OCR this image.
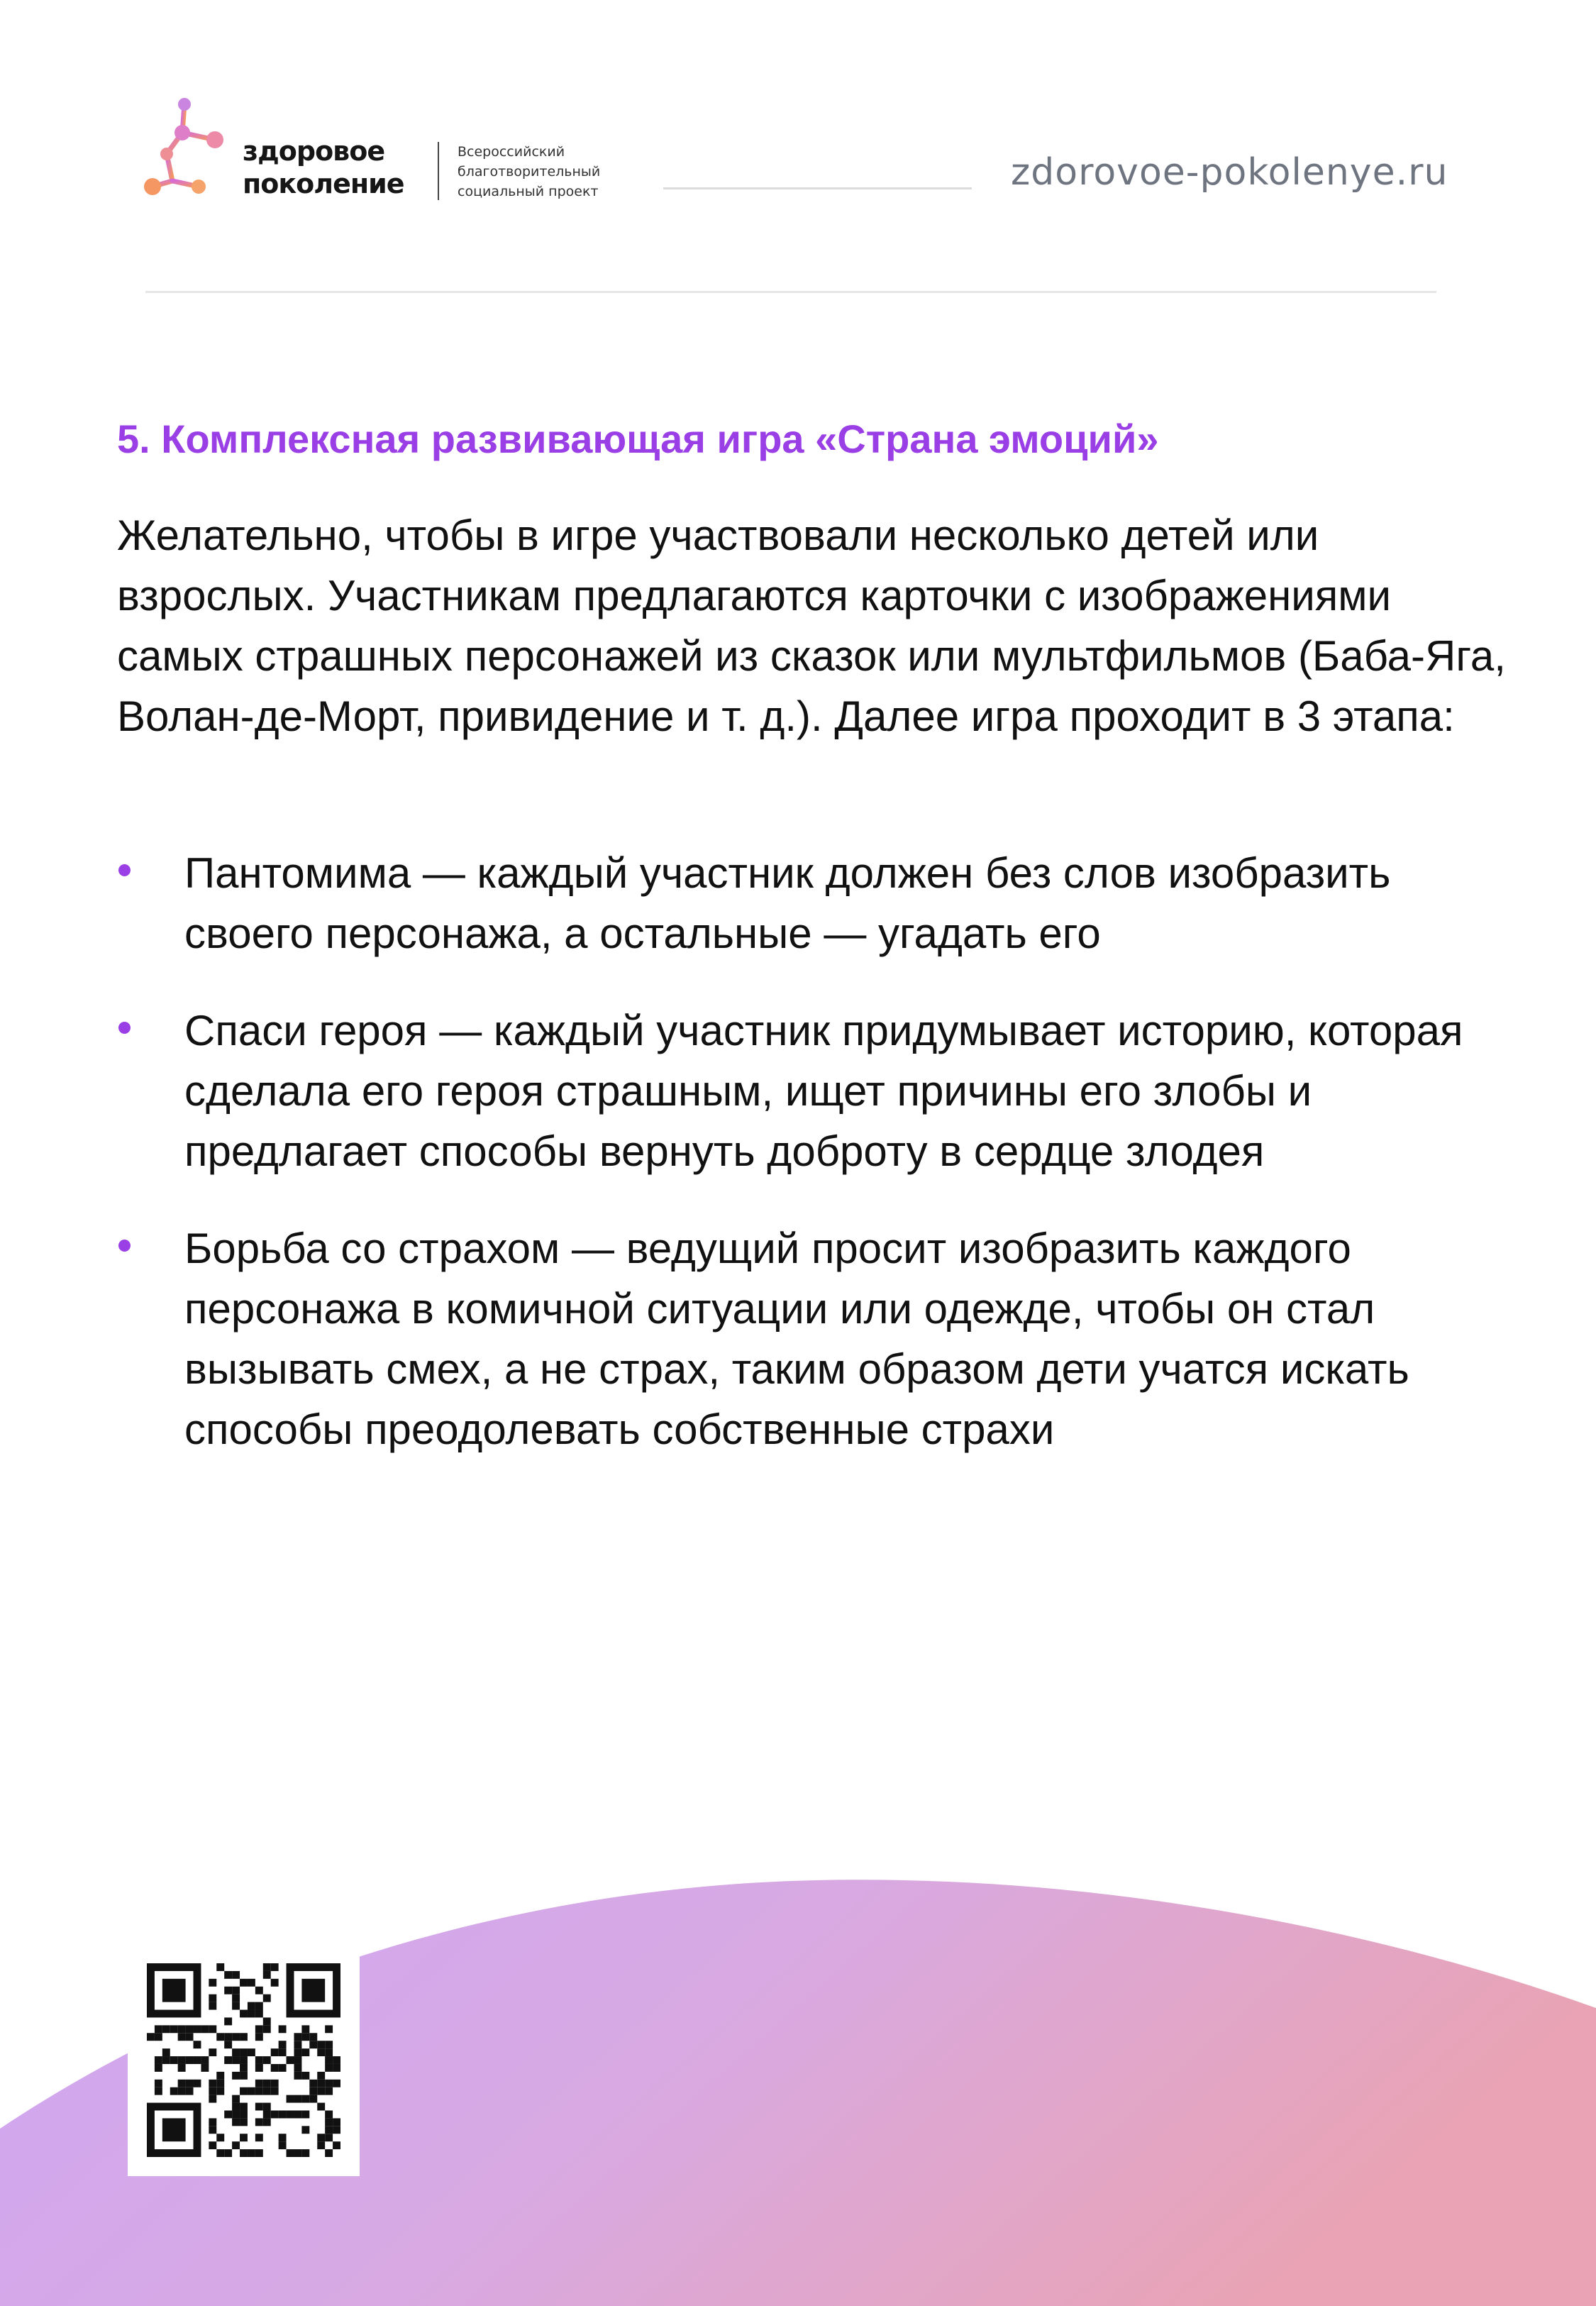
здоровое
поколение
Всероссийский
благотворительный
социальный проект	zdorovoe-pokolenye.ru
5. Комплексная развивающая игра «Страна эмоций»

Желательно, чтобы в игре участвовали несколько детей или взрослых. Участникам предлагаются карточки с изображениями самых страшных персонажей из сказок или мультфильмов (Баба-Яга, Волан-де-Морт, привидение и т. д.). Далее игра проходит в 3 этапа:

Пантомима — каждый участник должен без слов изобразить своего персонажа, а остальные — угадать его
Спаси героя — каждый участник придумывает историю, которая сделала его героя страшным, ищет причины его злобы и предлагает способы вернуть доброту в сердце злодея
Борьба со страхом — ведущий просит изобразить каждого персонажа в комичной ситуации или одежде, чтобы он стал вызывать смех, а не страх, таким образом дети учатся искать способы преодолевать собственные страхи
